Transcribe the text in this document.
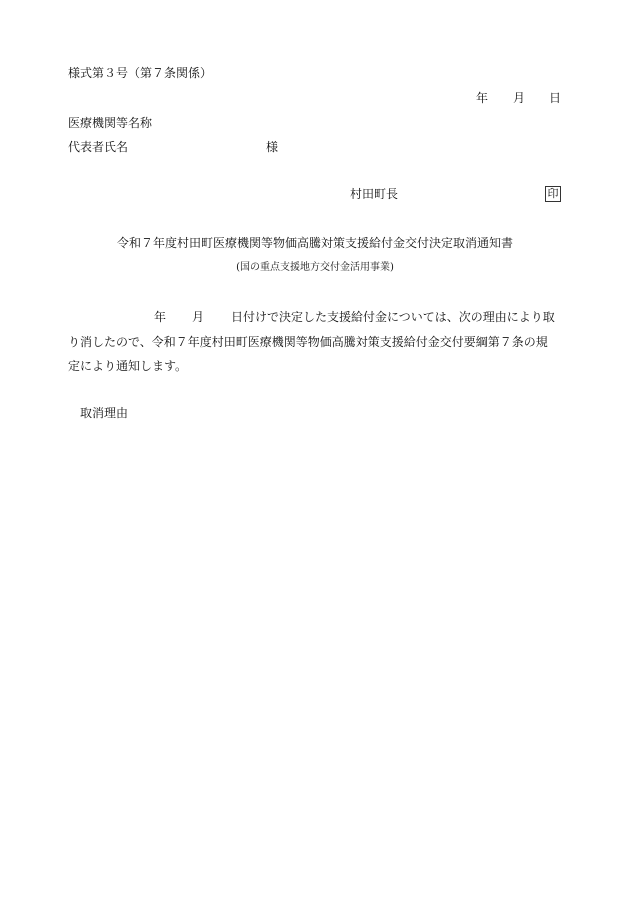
様式第３号（第７条関係）
年 月 日
医療機関等名称
代表者氏名	様
村田町長	印
令和７年度村田町医療機関等物価高騰対策支援給付金交付決定取消通知書
(国の重点支援地方交付金活用事業)
年 月 日付けで決定した支援給付金については、次の理由により取
り消したので、令和７年度村田町医療機関等物価高騰対策支援給付金交付要綱第７条の規
定により通知します。
取消理由
